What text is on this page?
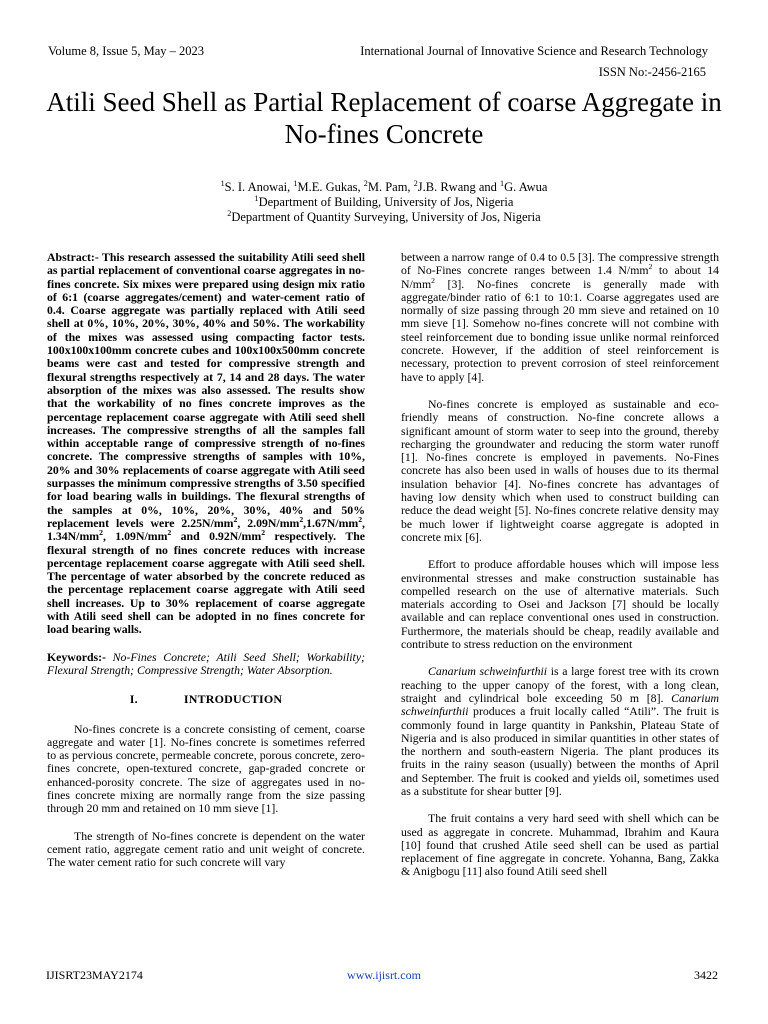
Volume 8, Issue 5, May – 2023	International Journal of Innovative Science and Research Technology
ISSN No:-2456-2165
Atili Seed Shell as Partial Replacement of coarse Aggregate in No-fines Concrete
$^1$S. I. Anowai, $^1$M.E. Gukas, $^2$M. Pam, $^2$J.B. Rwang and $^1$G. Awua
$^1$Department of Building, University of Jos, Nigeria
$^2$Department of Quantity Surveying, University of Jos, Nigeria

Abstract:- This research assessed the suitability Atili seed shell as partial replacement of conventional coarse aggregates in no-fines concrete. Six mixes were prepared using design mix ratio of 6:1 (coarse aggregates/cement) and water-cement ratio of 0.4. Coarse aggregate was partially replaced with Atili seed shell at 0%, 10%, 20%, 30%, 40% and 50%. The workability of the mixes was assessed using compacting factor tests. 100x100x100mm concrete cubes and 100x100x500mm concrete beams were cast and tested for compressive strength and flexural strengths respectively at 7, 14 and 28 days. The water absorption of the mixes was also assessed. The results show that the workability of no fines concrete improves as the percentage replacement coarse aggregate with Atili seed shell increases. The compressive strengths of all the samples fall within acceptable range of compressive strength of no-fines concrete. The compressive strengths of samples with 10%, 20% and 30% replacements of coarse aggregate with Atili seed surpasses the minimum compressive strengths of 3.50 specified for load bearing walls in buildings. The flexural strengths of the samples at 0%, 10%, 20%, 30%, 40% and 50% replacement levels were $2.25N/mm^2$, $2.09N/mm^2,1.67N/mm^2$, $1.34N/mm^2$, $1.09N/mm^2$ and $0.92N/mm^2$ respectively. The flexural strength of no fines concrete reduces with increase percentage replacement coarse aggregate with Atili seed shell. The percentage of water absorbed by the concrete reduced as the percentage replacement coarse aggregate with Atili seed shell increases. Up to 30% replacement of coarse aggregate with Atili seed shell can be adopted in no fines concrete for load bearing walls.

Keywords:- No-Fines Concrete; Atili Seed Shell; Workability; Flexural Strength; Compressive Strength; Water Absorption.

I.	INTRODUCTION

No-fines concrete is a concrete consisting of cement, coarse aggregate and water [1]. No-fines concrete is sometimes referred to as pervious concrete, permeable concrete, porous concrete, zero-fines concrete, open-textured concrete, gap-graded concrete or enhanced-porosity concrete. The size of aggregates used in no-fines concrete mixing are normally range from the size passing through 20 mm and retained on 10 mm sieve [1].

The strength of No-fines concrete is dependent on the water cement ratio, aggregate cement ratio and unit weight of concrete. The water cement ratio for such concrete will vary

between a narrow range of 0.4 to 0.5 [3]. The compressive strength of No-Fines concrete ranges between 1.4 $N/mm^2$ to about 14 $N/mm^2$ [3]. No-fines concrete is generally made with aggregate/binder ratio of 6:1 to 10:1. Coarse aggregates used are normally of size passing through 20 mm sieve and retained on 10 mm sieve [1]. Somehow no-fines concrete will not combine with steel reinforcement due to bonding issue unlike normal reinforced concrete. However, if the addition of steel reinforcement is necessary, protection to prevent corrosion of steel reinforcement have to apply [4].

No-fines concrete is employed as sustainable and eco-friendly means of construction. No-fine concrete allows a significant amount of storm water to seep into the ground, thereby recharging the groundwater and reducing the storm water runoff [1]. No-fines concrete is employed in pavements. No-Fines concrete has also been used in walls of houses due to its thermal insulation behavior [4]. No-fines concrete has advantages of having low density which when used to construct building can reduce the dead weight [5]. No-fines concrete relative density may be much lower if lightweight coarse aggregate is adopted in concrete mix [6].

Effort to produce affordable houses which will impose less environmental stresses and make construction sustainable has compelled research on the use of alternative materials. Such materials according to Osei and Jackson [7] should be locally available and can replace conventional ones used in construction. Furthermore, the materials should be cheap, readily available and contribute to stress reduction on the environment

Canarium schweinfurthii is a large forest tree with its crown reaching to the upper canopy of the forest, with a long clean, straight and cylindrical bole exceeding 50 m [8]. Canarium schweinfurthii produces a fruit locally called “Atili”. The fruit is commonly found in large quantity in Pankshin, Plateau State of Nigeria and is also produced in similar quantities in other states of the northern and south-eastern Nigeria. The plant produces its fruits in the rainy season (usually) between the months of April and September. The fruit is cooked and yields oil, sometimes used as a substitute for shear butter [9].

The fruit contains a very hard seed with shell which can be used as aggregate in concrete. Muhammad, Ibrahim and Kaura [10] found that crushed Atile seed shell can be used as partial replacement of fine aggregate in concrete. Yohanna, Bang, Zakka & Anigbogu [11] also found Atili seed shell

IJISRT23MAY2174	www.ijisrt.com	3422
